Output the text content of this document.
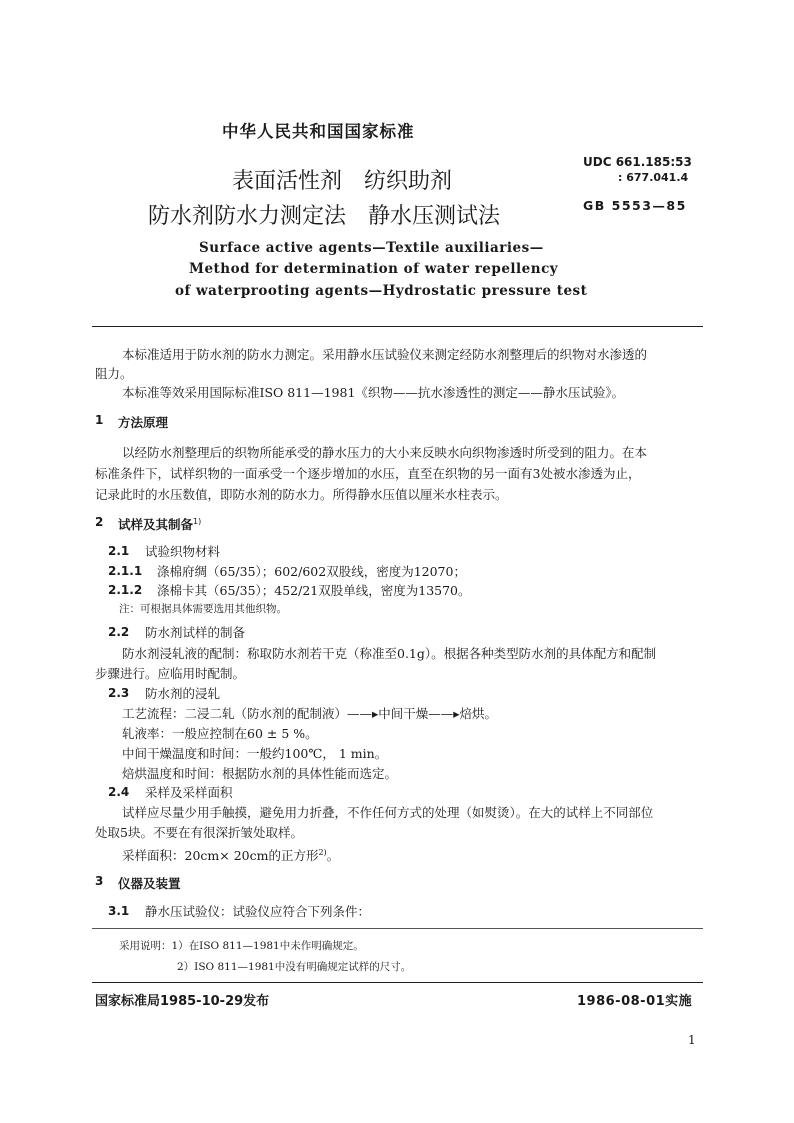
中华人民共和国国家标准
表面活性剂　纺织助剂
防水剂防水力测定法　静水压测试法
Surface active agents—Textile auxiliaries—
Method for determination of water repellency
of waterprooting agents—Hydrostatic pressure test
UDC 661.185:53
: 677.041.4
GB 5553—85
本标准适用于防水剂的防水力测定。采用静水压试验仪来测定经防水剂整理后的织物对水渗透的
阻力。
本标准等效采用国际标准ISO 811—1981《织物——抗水渗透性的测定——静水压试验》。
1 方法原理
以经防水剂整理后的织物所能承受的静水压力的大小来反映水向织物渗透时所受到的阻力。在本
标准条件下，试样织物的一面承受一个逐步增加的水压，直至在织物的另一面有3处被水渗透为止，
记录此时的水压数值，即防水剂的防水力。所得静水压值以厘米水柱表示。
2 试样及其制备$^{1)}$
2.1 试验织物材料
2.1.1 涤棉府绸（65/35）；602/602双股线，密度为12070；
2.1.2 涤棉卡其（65/35）；452/21双股单线，密度为13570。
注：可根据具体需要选用其他织物。
2.2 防水剂试样的制备
防水剂浸轧液的配制：称取防水剂若干克（称准至0.1g）。根据各种类型防水剂的具体配方和配制
步骤进行。应临用时配制。
2.3 防水剂的浸轧
工艺流程：二浸二轧（防水剂的配制液）——▸中间干燥——▸焙烘。
轧液率：一般应控制在60 ± 5 %。
中间干燥温度和时间：一般约100℃， 1 min。
焙烘温度和时间：根据防水剂的具体性能而选定。
2.4 采样及采样面积
试样应尽量少用手触摸，避免用力折叠，不作任何方式的处理（如熨烫）。在大的试样上不同部位
处取5块。不要在有很深折皱处取样。
采样面积：20cm× 20cm的正方形$^{2)}$。
3 仪器及装置
3.1 静水压试验仪：试验仪应符合下列条件：
采用说明：1）在ISO 811—1981中未作明确规定。
2）ISO 811—1981中没有明确规定试样的尺寸。
国家标准局1985-10-29发布	1986-08-01实施
1
